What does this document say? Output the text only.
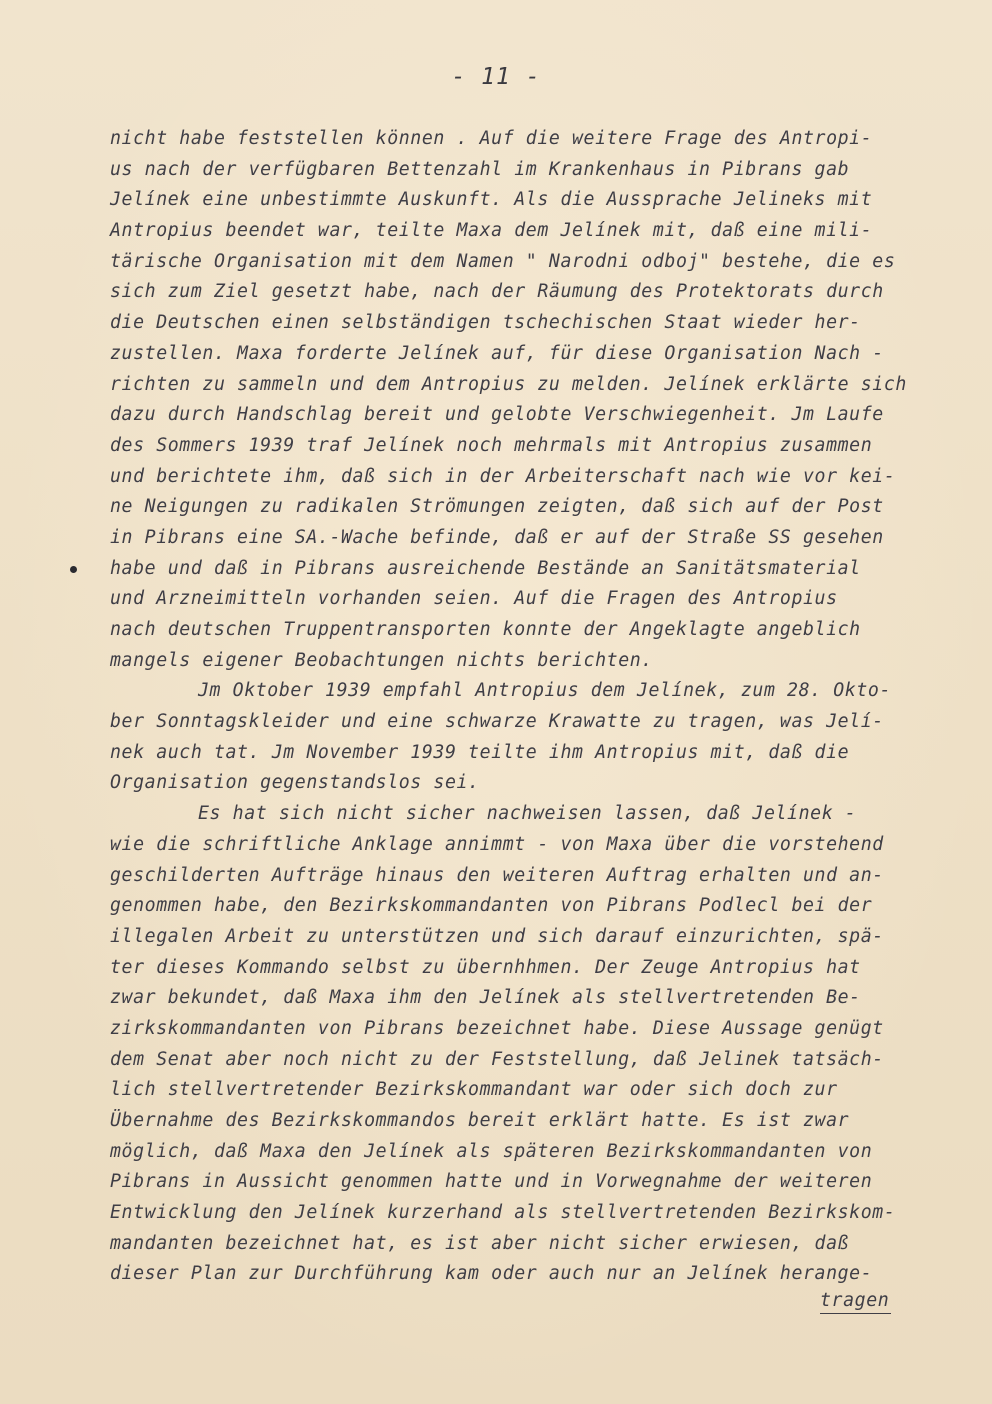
- 11 -
nicht habe feststellen können . Auf die weitere Frage des Antropi-
us nach der verfügbaren Bettenzahl im Krankenhaus in Pibrans gab
Jelínek eine unbestimmte Auskunft. Als die Aussprache Jelineks mit
Antropius beendet war, teilte Maxa dem Jelínek mit, daß eine mili-
tärische Organisation mit dem Namen " Narodni odboj" bestehe, die es
sich zum Ziel gesetzt habe, nach der Räumung des Protektorats durch
die Deutschen einen selbständigen tschechischen Staat wieder her-
zustellen. Maxa forderte Jelínek auf, für diese Organisation Nach -
richten zu sammeln und dem Antropius zu melden. Jelínek erklärte sich
dazu durch Handschlag bereit und gelobte Verschwiegenheit. Jm Laufe
des Sommers 1939 traf Jelínek noch mehrmals mit Antropius zusammen
und berichtete ihm, daß sich in der Arbeiterschaft nach wie vor kei-
ne Neigungen zu radikalen Strömungen zeigten, daß sich auf der Post
in Pibrans eine SA.-Wache befinde, daß er auf der Straße SS gesehen
habe und daß in Pibrans ausreichende Bestände an Sanitätsmaterial
und Arzneimitteln vorhanden seien. Auf die Fragen des Antropius
nach deutschen Truppentransporten konnte der Angeklagte angeblich
mangels eigener Beobachtungen nichts berichten.
Jm Oktober 1939 empfahl Antropius dem Jelínek, zum 28. Okto-
ber Sonntagskleider und eine schwarze Krawatte zu tragen, was Jelí-
nek auch tat. Jm November 1939 teilte ihm Antropius mit, daß die
Organisation gegenstandslos sei.
Es hat sich nicht sicher nachweisen lassen, daß Jelínek -
wie die schriftliche Anklage annimmt - von Maxa über die vorstehend
geschilderten Aufträge hinaus den weiteren Auftrag erhalten und an-
genommen habe, den Bezirkskommandanten von Pibrans Podlecl bei der
illegalen Arbeit zu unterstützen und sich darauf einzurichten, spä-
ter dieses Kommando selbst zu übernhhmen. Der Zeuge Antropius hat
zwar bekundet, daß Maxa ihm den Jelínek als stellvertretenden Be-
zirkskommandanten von Pibrans bezeichnet habe. Diese Aussage genügt
dem Senat aber noch nicht zu der Feststellung, daß Jelinek tatsäch-
lich stellvertretender Bezirkskommandant war oder sich doch zur
Übernahme des Bezirkskommandos bereit erklärt hatte. Es ist zwar
möglich, daß Maxa den Jelínek als späteren Bezirkskommandanten von
Pibrans in Aussicht genommen hatte und in Vorwegnahme der weiteren
Entwicklung den Jelínek kurzerhand als stellvertretenden Bezirkskom-
mandanten bezeichnet hat, es ist aber nicht sicher erwiesen, daß
dieser Plan zur Durchführung kam oder auch nur an Jelínek herange-
tragen
